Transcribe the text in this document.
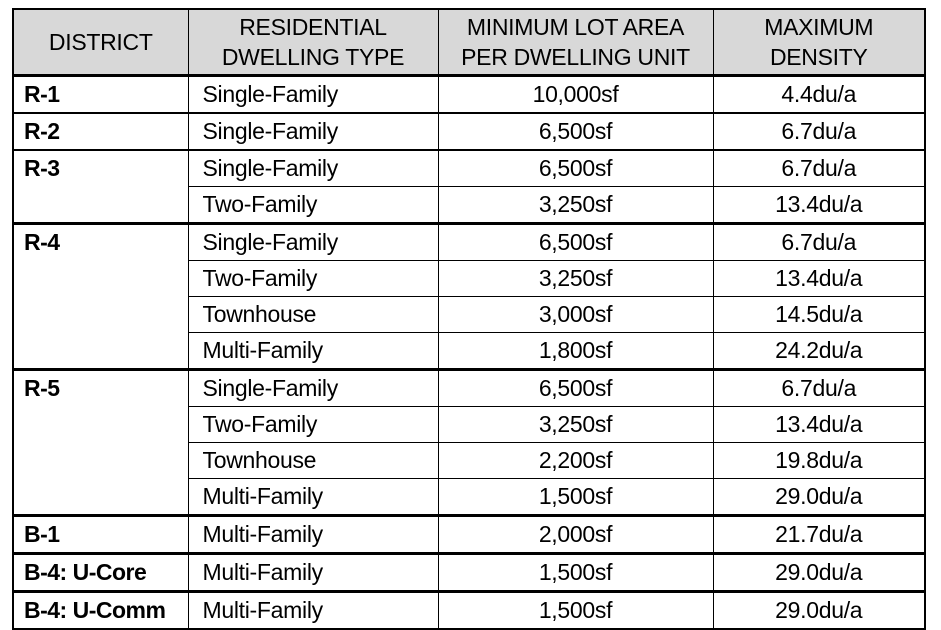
DISTRICT	RESIDENTIAL DWELLING TYPE	MINIMUM LOT AREA PER DWELLING UNIT	MAXIMUM DENSITY
R-1	Single-Family	10,000sf	4.4du/a
R-2	Single-Family	6,500sf	6.7du/a
R-3	Single-Family	6,500sf	6.7du/a
	Two-Family	3,250sf	13.4du/a
R-4	Single-Family	6,500sf	6.7du/a
	Two-Family	3,250sf	13.4du/a
	Townhouse	3,000sf	14.5du/a
	Multi-Family	1,800sf	24.2du/a
R-5	Single-Family	6,500sf	6.7du/a
	Two-Family	3,250sf	13.4du/a
	Townhouse	2,200sf	19.8du/a
	Multi-Family	1,500sf	29.0du/a
B-1	Multi-Family	2,000sf	21.7du/a
B-4: U-Core	Multi-Family	1,500sf	29.0du/a
B-4: U-Comm	Multi-Family	1,500sf	29.0du/a
